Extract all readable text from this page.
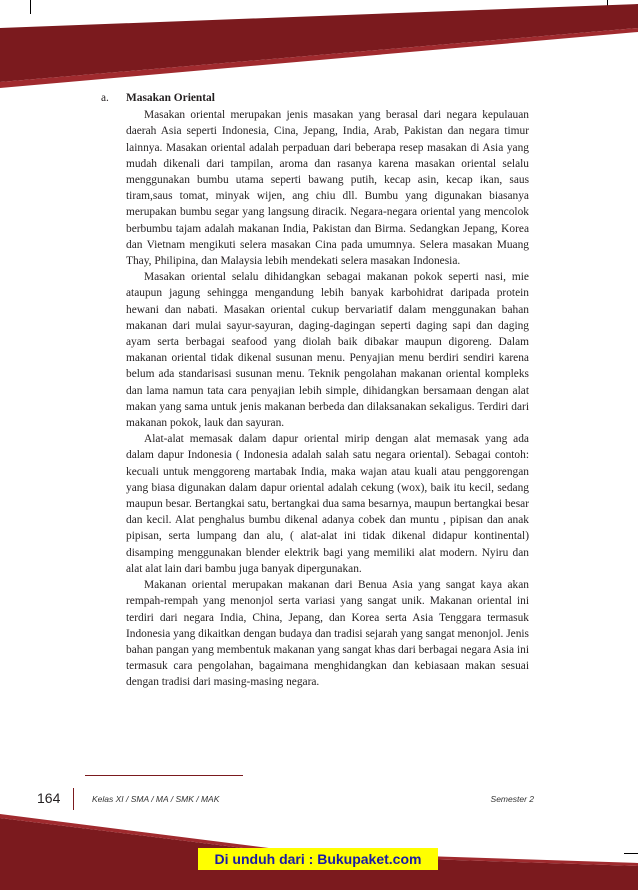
a.	Masakan Oriental

Masakan oriental merupakan jenis masakan yang berasal dari negara kepulauan daerah Asia seperti Indonesia, Cina, Jepang, India, Arab, Pakistan dan negara timur lainnya. Masakan oriental adalah perpaduan dari beberapa resep masakan di Asia yang mudah dikenali dari tampilan, aroma dan rasanya karena masakan oriental selalu menggunakan bumbu utama seperti bawang putih, kecap asin, kecap ikan, saus tiram,saus tomat, minyak wijen, ang chiu dll. Bumbu yang digunakan biasanya merupakan bumbu segar yang langsung diracik. Negara-negara oriental yang mencolok berbumbu tajam adalah makanan India, Pakistan dan Birma. Sedangkan Jepang, Korea dan Vietnam mengikuti selera masakan Cina pada umumnya. Selera masakan Muang Thay, Philipina, dan Malaysia lebih mendekati selera masakan Indonesia.

Masakan oriental selalu dihidangkan sebagai makanan pokok seperti nasi, mie ataupun jagung sehingga mengandung lebih banyak karbohidrat daripada protein hewani dan nabati. Masakan oriental cukup bervariatif dalam menggunakan bahan makanan dari mulai sayur-sayuran, daging-dagingan seperti daging sapi dan daging ayam serta berbagai seafood yang diolah baik dibakar maupun digoreng. Dalam makanan oriental tidak dikenal susunan menu. Penyajian menu berdiri sendiri karena belum ada standarisasi susunan menu. Teknik pengolahan makanan oriental kompleks dan lama namun tata cara penyajian lebih simple, dihidangkan bersamaan dengan alat makan yang sama untuk jenis makanan berbeda dan dilaksanakan sekaligus. Terdiri dari makanan pokok, lauk dan sayuran.

Alat-alat memasak dalam dapur oriental mirip dengan alat memasak yang ada dalam dapur Indonesia ( Indonesia adalah salah satu negara oriental). Sebagai contoh: kecuali untuk menggoreng martabak India, maka wajan atau kuali atau penggorengan yang biasa digunakan dalam dapur oriental adalah cekung (wox), baik itu kecil, sedang maupun besar. Bertangkai satu, bertangkai dua sama besarnya, maupun bertangkai besar dan kecil. Alat penghalus bumbu dikenal adanya cobek dan muntu , pipisan dan anak pipisan, serta lumpang dan alu, ( alat-alat ini tidak dikenal didapur kontinental) disamping menggunakan blender elektrik bagi yang memiliki alat modern. Nyiru dan alat alat lain dari bambu juga banyak dipergunakan.

Makanan oriental merupakan makanan dari Benua Asia yang sangat kaya akan rempah-rempah yang menonjol serta variasi yang sangat unik. Makanan oriental ini terdiri dari negara India, China, Jepang, dan Korea serta Asia Tenggara termasuk Indonesia yang dikaitkan dengan budaya dan tradisi sejarah yang sangat menonjol. Jenis bahan pangan yang membentuk makanan yang sangat khas dari berbagai negara Asia ini termasuk cara pengolahan, bagaimana menghidangkan dan kebiasaan makan sesuai dengan tradisi dari masing-masing negara.

164	Kelas XI / SMA / MA / SMK / MAK	Semester 2
Di unduh dari : Bukupaket.com
